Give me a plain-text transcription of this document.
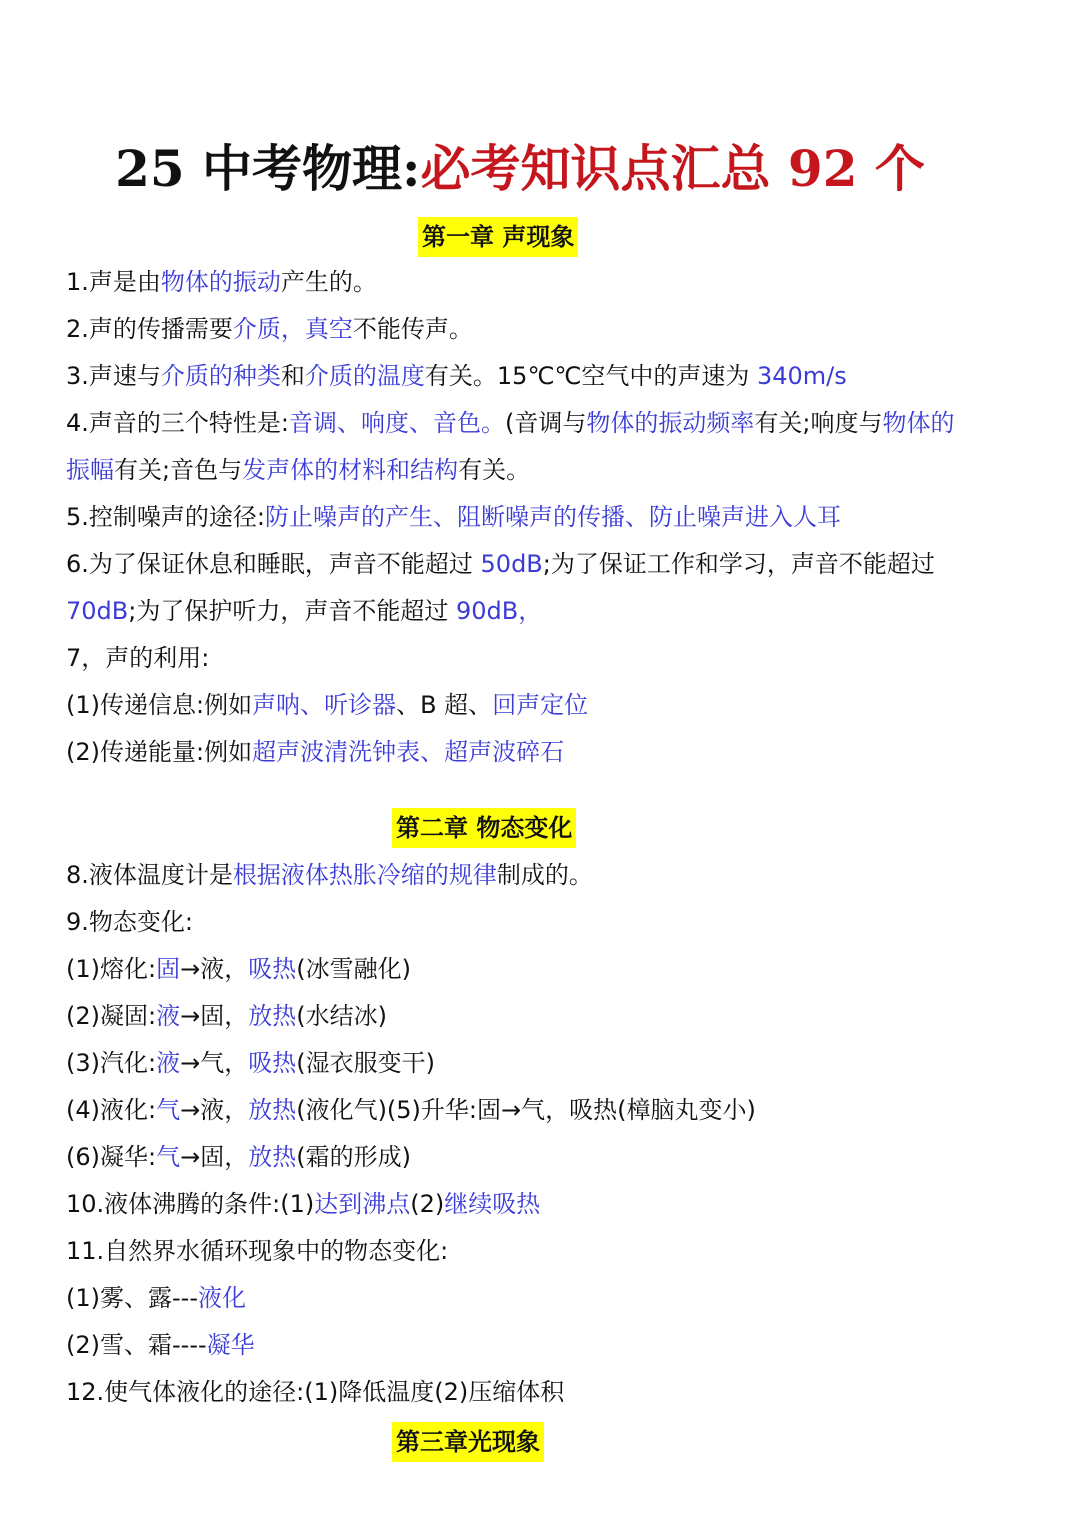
25 中考物理:必考知识点汇总 92 个
第一章 声现象
1.声是由物体的振动产生的。
2.声的传播需要介质，真空不能传声。
3.声速与介质的种类和介质的温度有关。15℃℃空气中的声速为 340m/s
4.声音的三个特性是:音调、响度、音色。(音调与物体的振动频率有关;响度与物体的
振幅有关;音色与发声体的材料和结构有关。
5.控制噪声的途径:防止噪声的产生、阻断噪声的传播、防止噪声进入人耳
6.为了保证休息和睡眠，声音不能超过 50dB;为了保证工作和学习，声音不能超过
70dB;为了保护听力，声音不能超过 90dB，
7，声的利用:
(1)传递信息:例如声呐、听诊器、B 超、回声定位
(2)传递能量:例如超声波清洗钟表、超声波碎石
第二章 物态变化
8.液体温度计是根据液体热胀冷缩的规律制成的。
9.物态变化:
(1)熔化:固→液，吸热(冰雪融化)
(2)凝固:液→固，放热(水结冰)
(3)汽化:液→气，吸热(湿衣服变干)
(4)液化:气→液，放热(液化气)(5)升华:固→气，吸热(樟脑丸变小)
(6)凝华:气→固，放热(霜的形成)
10.液体沸腾的条件:(1)达到沸点(2)继续吸热
11.自然界水循环现象中的物态变化:
(1)雾、露---液化
(2)雪、霜----凝华
12.使气体液化的途径:(1)降低温度(2)压缩体积
第三章光现象
